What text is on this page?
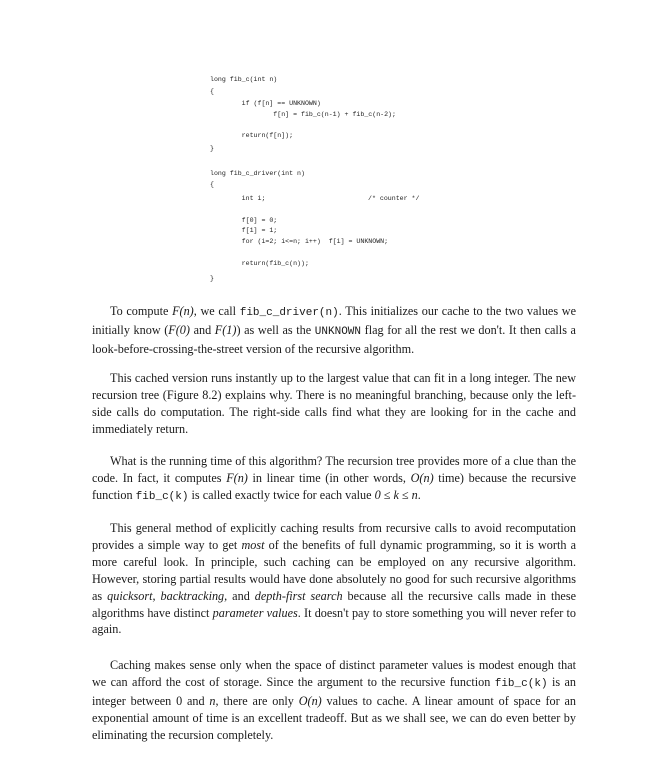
long fib_c(int n)
{
if (f[n] == UNKNOWN)
f[n] = fib_c(n-1) + fib_c(n-2);
return(f[n]);
}
long fib_c_driver(int n)
{
int i;	/* counter */
f[0] = 0;
f[1] = 1;
for (i=2; i<=n; i++)  f[i] = UNKNOWN;
return(fib_c(n));
}

To compute F(n), we call fib_c_driver(n). This initializes our cache to the two values we initially know (F(0) and F(1)) as well as the UNKNOWN flag for all the rest we don't. It then calls a look-before-crossing-the-street version of the recursive algorithm.

This cached version runs instantly up to the largest value that can fit in a long integer. The new recursion tree (Figure 8.2) explains why. There is no meaningful branching, because only the left-side calls do computation. The right-side calls find what they are looking for in the cache and immediately return.

What is the running time of this algorithm? The recursion tree provides more of a clue than the code. In fact, it computes F(n) in linear time (in other words, O(n) time) because the recursive function fib_c(k) is called exactly twice for each value 0 ≤ k ≤ n.

This general method of explicitly caching results from recursive calls to avoid recomputation provides a simple way to get most of the benefits of full dynamic programming, so it is worth a more careful look. In principle, such caching can be employed on any recursive algorithm. However, storing partial results would have done absolutely no good for such recursive algorithms as quicksort, backtracking, and depth-first search because all the recursive calls made in these algorithms have distinct parameter values. It doesn't pay to store something you will never refer to again.

Caching makes sense only when the space of distinct parameter values is modest enough that we can afford the cost of storage. Since the argument to the recursive function fib_c(k) is an integer between 0 and n, there are only O(n) values to cache. A linear amount of space for an exponential amount of time is an excellent tradeoff. But as we shall see, we can do even better by eliminating the recursion completely.
